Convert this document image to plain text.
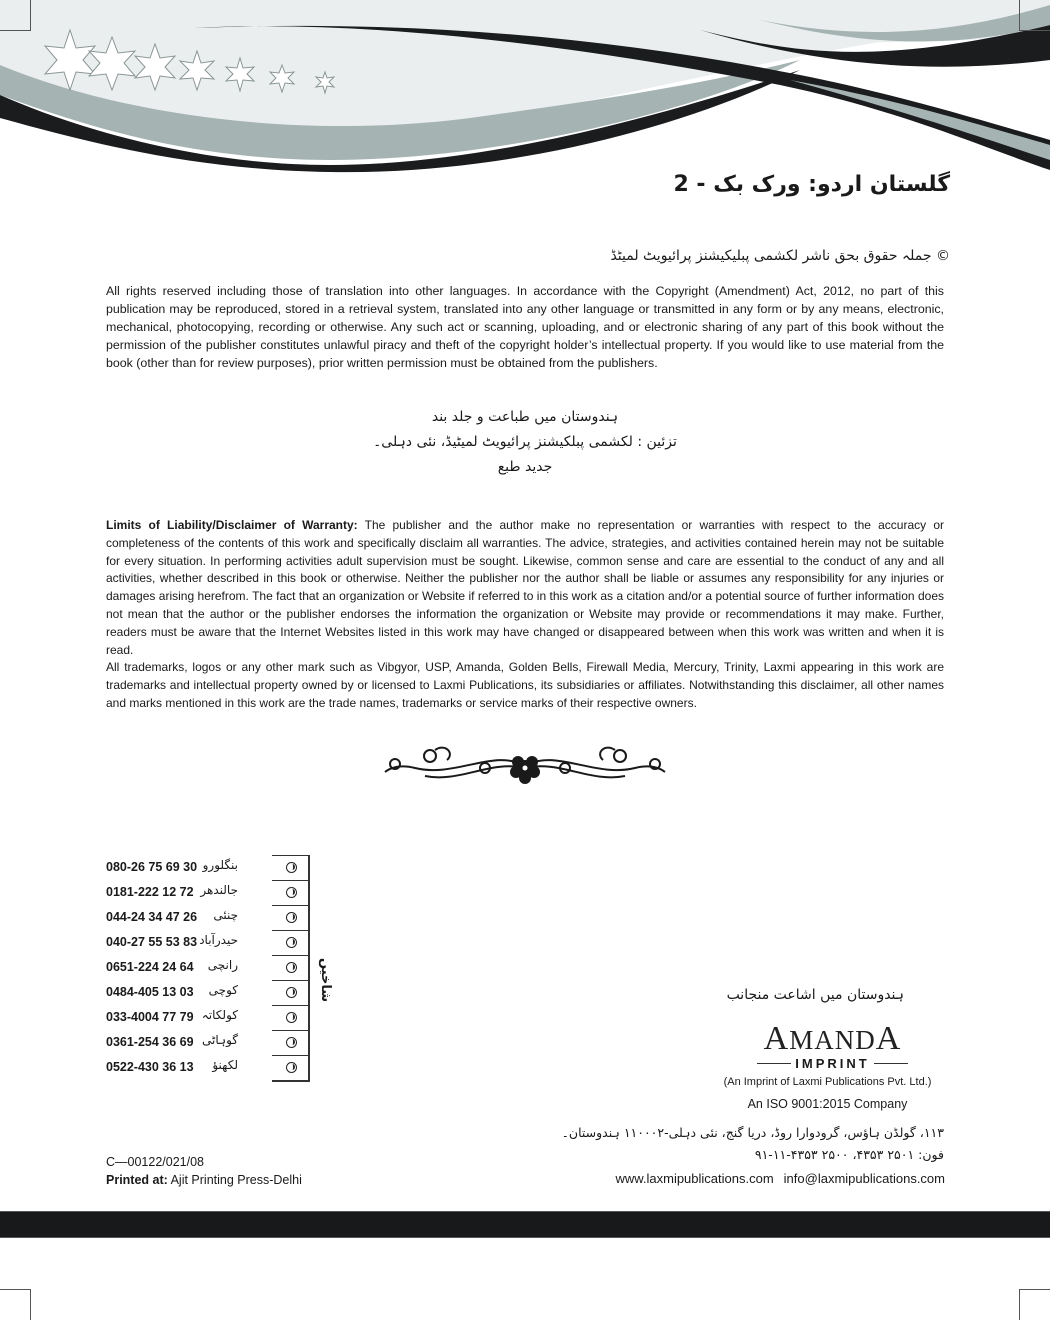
گلستان اردو: ورک بک - 2
© جملہ حقوق بحق ناشر لکشمی پبلیکیشنز پرائیویٹ لمیٹڈ
All rights reserved including those of translation into other languages. In accordance with the Copyright (Amendment) Act, 2012, no part of this publication may be reproduced, stored in a retrieval system, translated into any other language or transmitted in any form or by any means, electronic, mechanical, photocopying, recording or otherwise. Any such act or scanning, uploading, and or electronic sharing of any part of this book without the permission of the publisher constitutes unlawful piracy and theft of the copyright holder’s intellectual property. If you would like to use material from the book (other than for review purposes), prior written permission must be obtained from the publishers.
ہندوستان میں طباعت و جلد بند
تزئین : لکشمی پبلکیشنز پرائیویٹ لمیٹیڈ، نئی دہلی۔
جدید طبع
Limits of Liability/Disclaimer of Warranty: The publisher and the author make no representation or warranties with respect to the accuracy or completeness of the contents of this work and specifically disclaim all warranties. The advice, strategies, and activities contained herein may not be suitable for every situation. In performing activities adult supervision must be sought. Likewise, common sense and care are essential to the conduct of any and all activities, whether described in this book or otherwise. Neither the publisher nor the author shall be liable or assumes any responsibility for any injuries or damages arising herefrom. The fact that an organization or Website if referred to in this work as a citation and/or a potential source of further information does not mean that the author or the publisher endorses the information the organization or Website may provide or recommendations it may make. Further, readers must be aware that the Internet Websites listed in this work may have changed or disappeared between when this work was written and when it is read.
All trademarks, logos or any other mark such as Vibgyor, USP, Amanda, Golden Bells, Firewall Media, Mercury, Trinity, Laxmi appearing in this work are trademarks and intellectual property owned by or licensed to Laxmi Publications, its subsidiaries or affiliates. Notwithstanding this disclaimer, all other names and marks mentioned in this work are the trade names, trademarks or service marks of their respective owners.
080-26 75 69 30 بنگلورو
0181-222 12 72 جالندھر
044-24 34 47 26 چنئی
040-27 55 53 83 حیدرآباد
0651-224 24 64 رانچی
0484-405 13 03 کوچی
033-4004 77 79 کولکاتہ
0361-254 36 69 گوہاٹی
0522-430 36 13 لکھنؤ
شاخیں	ہندوستان میں اشاعت منجانب
AMANDA
IMPRINT
(An Imprint of Laxmi Publications Pvt. Ltd.)
An ISO 9001:2015 Company
۱۱۳، گولڈن ہاؤس، گرودوارا روڈ، دریا گنج، نئی دہلی-۱۱۰۰۰۲ ہندوستان۔
فون: ۲۵۰۱ ۴۳۵۳، ۲۵۰۰ ۴۳۵۳-۱۱-۹۱
www.laxmipublications.com info@laxmipublications.com
C—00122/021/08
Printed at: Ajit Printing Press-Delhi
